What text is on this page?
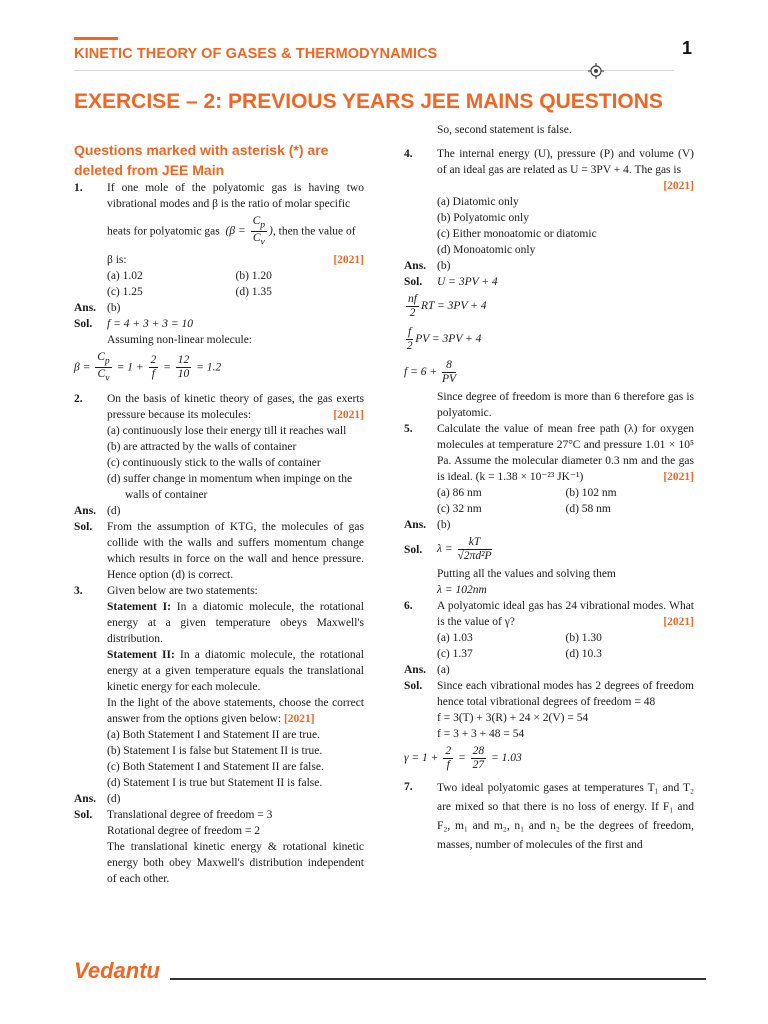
KINETIC THEORY OF GASES & THERMODYNAMICS	1
EXERCISE – 2: PREVIOUS YEARS JEE MAINS QUESTIONS
Questions marked with asterisk (*) are deleted from JEE Main
1.	If one mole of the polyatomic gas is having two vibrational modes and β is the ratio of molar specific
heats for polyatomic gas  ($\beta = \frac{C_p}{C_v}$ ), then the value of
β is:	[2021]
(a) 1.02	(b) 1.20
(c) 1.25	(d) 1.35
Ans. (b)
Sol.	f = 4 + 3 + 3 = 10
Assuming non-linear molecule:
$\beta = \frac{C_p}{C_v} = 1 + \frac{2}{f} = \frac{12}{10} = 1.2$
2.	On the basis of kinetic theory of gases, the gas exerts pressure because its molecules:	[2021]
(a) continuously lose their energy till it reaches wall
(b) are attracted by the walls of container
(c) continuously stick to the walls of container
(d) suffer change in momentum when impinge on the
walls of container
Ans. (d)
Sol.	From the assumption of KTG, the molecules of gas collide with the walls and suffers momentum change which results in force on the wall and hence pressure. Hence option (d) is correct.
3.	Given below are two statements:
Statement I: In a diatomic molecule, the rotational energy at a given temperature obeys Maxwell's distribution.
Statement II: In a diatomic molecule, the rotational energy at a given temperature equals the translational kinetic energy for each molecule.
In the light of the above statements, choose the correct answer from the options given below: [2021]
(a) Both Statement I and Statement II are true.
(b) Statement I is false but Statement II is true.
(c) Both Statement I and Statement II are false.
(d) Statement I is true but Statement II is false.
Ans. (d)
Sol.	Translational degree of freedom = 3
Rotational degree of freedom = 2
The translational kinetic energy & rotational kinetic energy both obey Maxwell's distribution independent of each other.
So, second statement is false.
4.	The internal energy (U), pressure (P) and volume (V) of an ideal gas are related as U = 3PV + 4. The gas is
[2021]
(a) Diatomic only
(b) Polyatomic only
(c) Either monoatomic or diatomic
(d) Monoatomic only
Ans. (b)
Sol.	U = 3PV + 4
$\frac{nf}{2}$ RT = 3PV + 4
$\frac{f}{2}$ PV = 3PV + 4
$f = 6 + \frac{8}{PV}$
Since degree of freedom is more than 6 therefore gas is polyatomic.
5.	Calculate the value of mean free path (λ) for oxygen molecules at temperature 27°C and pressure 1.01 × 10⁵ Pa. Assume the molecular diameter 0.3 nm and the gas is ideal. (k = 1.38 × 10⁻²³ JK⁻¹)	[2021]
(a) 86 nm	(b) 102 nm
(c) 32 nm	(d) 58 nm
Ans. (b)
Sol.	$\lambda = \frac{kT}{\text{√2πd²P}}$
Putting all the values and solving them
λ = 102nm
6.	A polyatomic ideal gas has 24 vibrational modes. What is the value of γ?	[2021]
(a) 1.03	(b) 1.30
(c) 1.37	(d) 10.3
Ans. (a)
Sol.	Since each vibrational modes has 2 degrees of freedom hence total vibrational degrees of freedom = 48
f = 3(T) + 3(R) + 24 × 2(V) = 54
f = 3 + 3 + 48 = 54
$\gamma = 1 + \frac{2}{f} = \frac{28}{27} = 1.03$
7.	Two ideal polyatomic gases at temperatures T₁ and T₂ are mixed so that there is no loss of energy. If F₁ and F₂, m₁ and m₂, n₁ and n₂ be the degrees of freedom, masses, number of molecules of the first and
Vedantu
